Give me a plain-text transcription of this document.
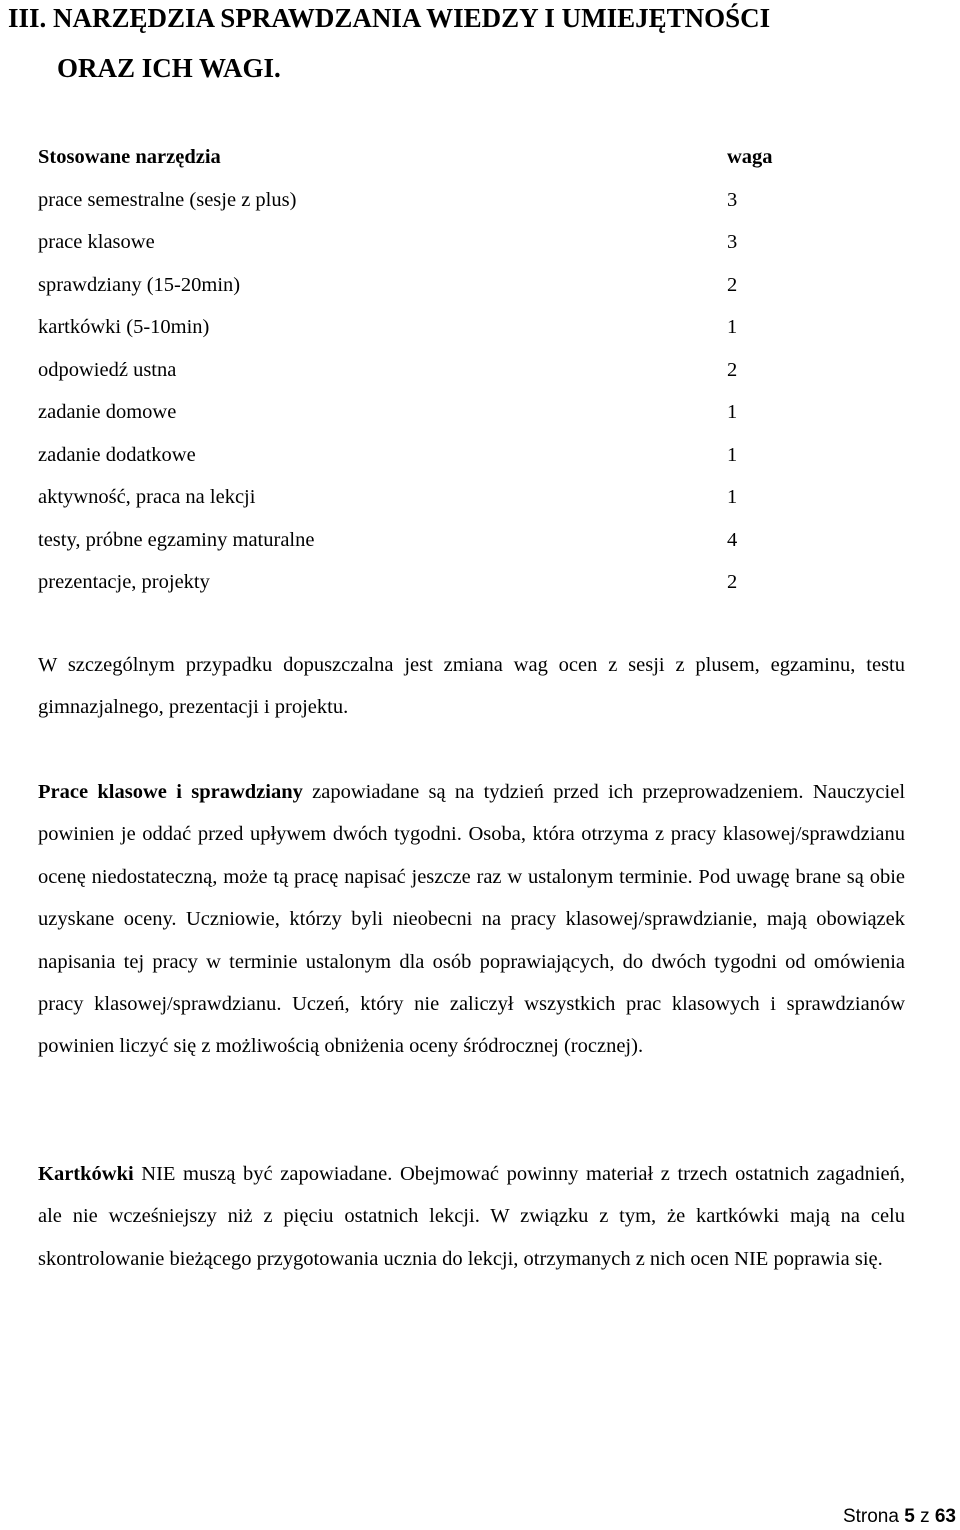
III. NARZĘDZIA SPRAWDZANIA WIEDZY I UMIEJĘTNOŚCI
ORAZ ICH WAGI.
Stosowane narzędzia	waga
prace semestralne (sesje z plus)	3
prace klasowe	3
sprawdziany (15-20min)	2
kartkówki (5-10min)	1
odpowiedź ustna	2
zadanie domowe	1
zadanie dodatkowe	1
aktywność, praca na lekcji	1
testy, próbne egzaminy maturalne	4
prezentacje, projekty	2

W szczególnym przypadku dopuszczalna jest zmiana wag ocen z sesji z plusem, egzaminu, testu gimnazjalnego, prezentacji i projektu.

Prace klasowe i sprawdziany zapowiadane są na tydzień przed ich przeprowadzeniem. Nauczyciel powinien je oddać przed upływem dwóch tygodni. Osoba, która otrzyma z pracy klasowej/sprawdzianu ocenę niedostateczną, może tą pracę napisać jeszcze raz w ustalonym terminie. Pod uwagę brane są obie uzyskane oceny. Uczniowie, którzy byli nieobecni na pracy klasowej/sprawdzianie, mają obowiązek napisania tej pracy w terminie ustalonym dla osób poprawiających, do dwóch tygodni od omówienia pracy klasowej/sprawdzianu. Uczeń, który nie zaliczył wszystkich prac klasowych i sprawdzianów powinien liczyć się z możliwością obniżenia oceny śródrocznej (rocznej).

Kartkówki NIE muszą być zapowiadane. Obejmować powinny materiał z trzech ostatnich zagadnień, ale nie wcześniejszy niż z pięciu ostatnich lekcji. W związku z tym, że kartkówki mają na celu skontrolowanie bieżącego przygotowania ucznia do lekcji, otrzymanych z nich ocen NIE poprawia się.

Strona 5 z 63
